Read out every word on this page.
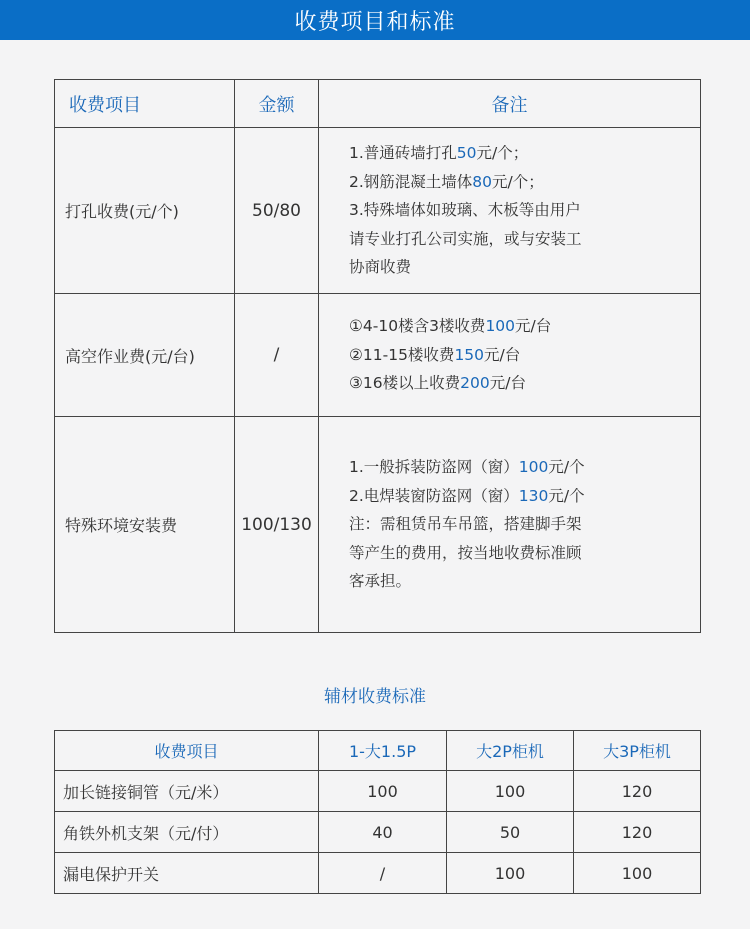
收费项目和标准
收费项目	金额	备注
打孔收费(元/个)	50/80	1.普通砖墙打孔50元/个；
2.钢筋混凝土墙体80元/个；
3.特殊墙体如玻璃、木板等由用户
请专业打孔公司实施，或与安装工
协商收费

高空作业费(元/台)	/	①4-10楼含3楼收费100元/台
②11-15楼收费150元/台
③16楼以上收费200元/台

特殊环境安装费	100/130	1.一般拆装防盗网（窗）100元/个
2.电焊装窗防盗网（窗）130元/个
注：需租赁吊车吊篮，搭建脚手架
等产生的费用，按当地收费标准顾
客承担。
辅材收费标准
收费项目	1-大1.5P	大2P柜机	大3P柜机
加长链接铜管（元/米）	100	100	120
角铁外机支架（元/付）	40	50	120
漏电保护开关	/	100	100
